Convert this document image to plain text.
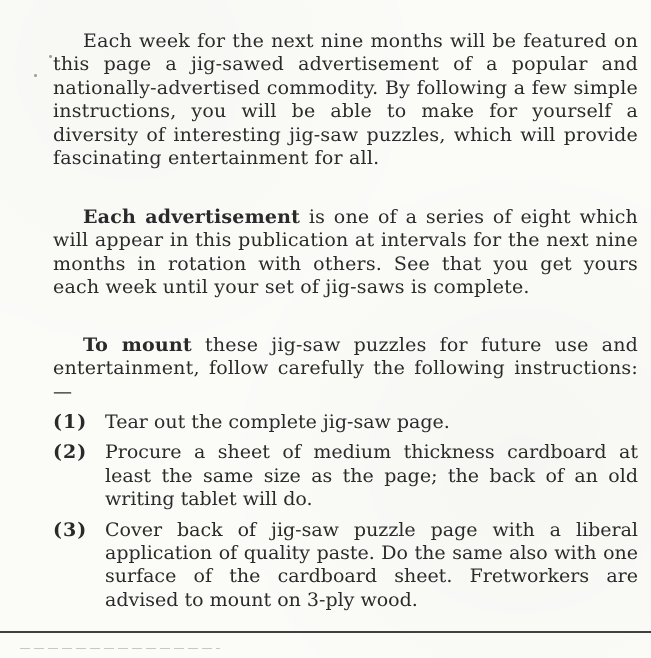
Each week for the next nine months will be featured on this page a jig-sawed advertisement of a popular and nationally-advertised commodity. By following a few simple instructions, you will be able to make for yourself a diversity of interesting jig-saw puzzles, which will provide fascinating entertainment for all.
Each advertisement is one of a series of eight which will appear in this publication at intervals for the next nine months in rotation with others. See that you get yours each week until your set of jig-saws is complete.
To mount these jig-saw puzzles for future use and entertainment, follow carefully the following instructions:—
(1) Tear out the complete jig-saw page.
(2) Procure a sheet of medium thickness cardboard at least the same size as the page; the back of an old writing tablet will do.
(3) Cover back of jig-saw puzzle page with a liberal application of quality paste. Do the same also with one surface of the cardboard sheet. Fretworkers are advised to mount on 3-ply wood.
